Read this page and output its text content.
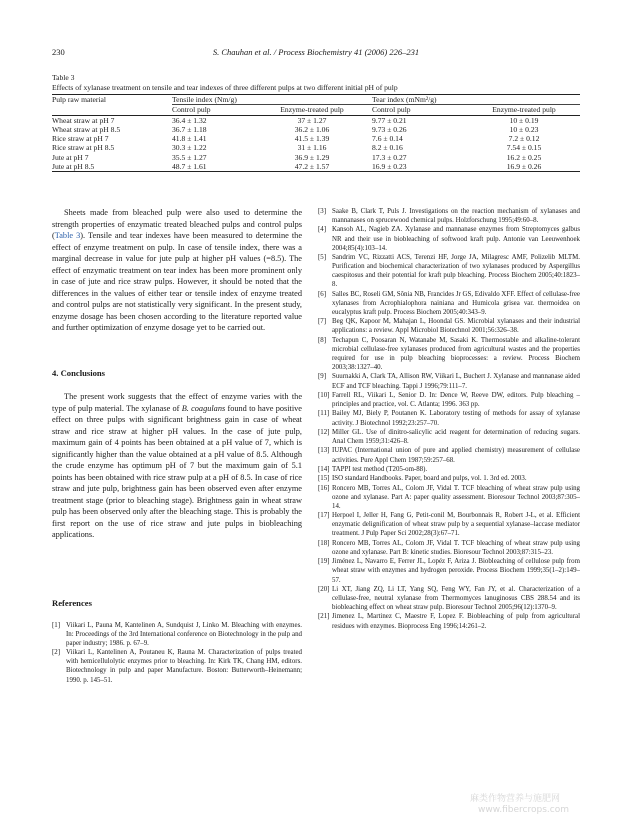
230	S. Chauhan et al. / Process Biochemistry 41 (2006) 226–231
Table 3
Effects of xylanase treatment on tensile and tear indexes of three different pulps at two different initial pH of pulp
Pulp raw material	Tensile index (Nm/g)		Tear index (mNm²/g)	
	Control pulp	Enzyme-treated pulp	Control pulp	Enzyme-treated pulp
Wheat straw at pH 7	36.4 ± 1.32	37 ± 1.27	9.77 ± 0.21	10 ± 0.19
Wheat straw at pH 8.5	36.7 ± 1.18	36.2 ± 1.06	9.73 ± 0.26	10 ± 0.23
Rice straw at pH 7	41.8 ± 1.41	41.5 ± 1.39	7.6 ± 0.14	7.2 ± 0.12
Rice straw at pH 8.5	30.3 ± 1.22	31 ± 1.16	8.2 ± 0.16	7.54 ± 0.15
Jute at pH 7	35.5 ± 1.27	36.9 ± 1.29	17.3 ± 0.27	16.2 ± 0.25
Jute at pH 8.5	48.7 ± 1.61	47.2 ± 1.57	16.9 ± 0.23	16.9 ± 0.26

Sheets made from bleached pulp were also used to determine the strength properties of enzymatic treated bleached pulps and control pulps (Table 3). Tensile and tear indexes have been measured to determine the effect of enzyme treatment on pulp. In case of tensile index, there was a marginal decrease in value for jute pulp at higher pH values (=8.5). The effect of enzymatic treatment on tear index has been more prominent only in case of jute and rice straw pulps. However, it should be noted that the differences in the values of either tear or tensile index of enzyme treated and control pulps are not statistically very significant. In the present study, enzyme dosage has been chosen according to the literature reported value and further optimization of enzyme dosage yet to be carried out.

4. Conclusions

The present work suggests that the effect of enzyme varies with the type of pulp material. The xylanase of B. coagulans found to have positive effect on three pulps with significant brightness gain in case of wheat straw and rice straw at higher pH values. In the case of jute pulp, maximum gain of 4 points has been obtained at a pH value of 7, which is significantly higher than the value obtained at a pH value of 8.5. Although the crude enzyme has optimum pH of 7 but the maximum gain of 5.1 points has been obtained with rice straw pulp at a pH of 8.5. In case of rice straw and jute pulp, brightness gain has been observed even after enzyme treatment stage (prior to bleaching stage). Brightness gain in wheat straw pulp has been observed only after the bleaching stage. This is probably the first report on the use of rice straw and jute pulps in biobleaching applications.

References
[1] Viikari L, Pauna M, Kantelinen A, Sundquist J, Linko M. Bleaching with enzymes. In: Proceedings of the 3rd International conference on Biotechnology in the pulp and paper industry; 1986. p. 67–9.
[2] Viikari L, Kantelinen A, Poutaneu K, Rauna M. Characterization of pulps treated with hemicellulolytic enzymes prior to bleaching. In: Kirk TK, Chang HM, editors. Biotechnology in pulp and paper Manufacture. Boston: Butterworth–Heinemann; 1990. p. 145–51.
[3] Saake B, Clark T, Puls J. Investigations on the reaction mechanism of xylanases and mannanases on sprucewood chemical pulps. Holzforschung 1995;49:60–8.
[4] Kansoh AL, Nagieb ZA. Xylanase and mannanase enzymes from Streptomyces galbus NR and their use in biobleaching of softwood kraft pulp. Antonie van Leeuwenhoek 2004;85(4):103–14.
[5] Sandrim VC, Rizzatti ACS, Terenzi HF, Jorge JA, Milagresc AMF, Polizelib MLTM. Purification and biochemical characterization of two xylanases produced by Aspergillus caespitosus and their potential for kraft pulp bleaching. Process Biochem 2005;40:1823–8.
[6] Salles BC, Roseli GM, Sônia NB, Francides Jr GS, Edivaldo XFF. Effect of cellulase-free xylanases from Acrophialophora nainiana and Humicola grisea var. thermoidea on eucalyptus kraft pulp. Process Biochem 2005;40:343–9.
[7] Beg QK, Kapoor M, Mahajan L, Hoondal GS. Microbial xylanases and their industrial applications: a review. Appl Microbiol Biotechnol 2001;56:326–38.
[8] Techapun C, Poosaran N, Watanabe M, Sasaki K. Thermostable and alkaline-tolerant microbial cellulase-free xylanases produced from agricultural wastes and the properties required for use in pulp bleaching bioprocesses: a review. Process Biochem 2003;38:1327–40.
[9] Suurnakki A, Clark TA, Allison RW, Viikari L, Buchert J. Xylanase and mannanase aided ECF and TCF bleaching. Tappi J 1996;79:111–7.
[10] Farrell RL, Viikari L, Senior D. In: Dence W, Reeve DW, editors. Pulp bleaching – principles and practice, vol. C. Atlanta; 1996. 363 pp.
[11] Bailey MJ, Biely P, Poutanen K. Laboratory testing of methods for assay of xylanase activity. J Biotechnol 1992;23:257–70.
[12] Miller GL. Use of dinitro-salicylic acid reagent for determination of reducing sugars. Anal Chem 1959;31:426–8.
[13] IUPAC (International union of pure and applied chemistry) measurement of cellulase activities. Pure Appl Chem 1987;59:257–68.
[14] TAPPI test method (T205-om-88).
[15] ISO standard Handbooks. Paper, board and pulps, vol. 1. 3rd ed. 2003.
[16] Roncero MB, Torres AL, Colom JF, Vidal T. TCF bleaching of wheat straw pulp using ozone and xylanase. Part A: paper quality assessment. Bioresour Technol 2003;87:305–14.
[17] Herpoel I, Jeller H, Fang G, Petit-conil M, Bourbonnais R, Robert J-L, et al. Efficient enzymatic delignification of wheat straw pulp by a sequential xylanase–laccase mediator treatment. J Pulp Paper Sci 2002;28(3):67–71.
[18] Roncero MB, Torres AL, Colom JF, Vidal T. TCF bleaching of wheat straw pulp using ozone and xylanase. Part B: kinetic studies. Bioresour Technol 2003;87:315–23.
[19] Jiménez L, Navarro E, Ferrer JL, Lopéz F, Ariza J. Biobleaching of cellulose pulp from wheat straw with enzymes and hydrogen peroxide. Process Biochem 1999;35(1–2):149–57.
[20] Li XT, Jiang ZQ, Li LT, Yang SQ, Feng WY, Fan JY, et al. Characterization of a cellulase-free, neutral xylanase from Thermomyces lanuginosus CBS 288.54 and its biobleaching effect on wheat straw pulp. Bioresour Technol 2005;96(12):1370–9.
[21] Jimenez L, Martinez C, Maestre F, Lopez F. Biobleaching of pulp from agricultural residues with enzymes. Bioprocess Eng 1996;14:261–2.
麻类作物营养与施肥网
www.fibercrops.com
